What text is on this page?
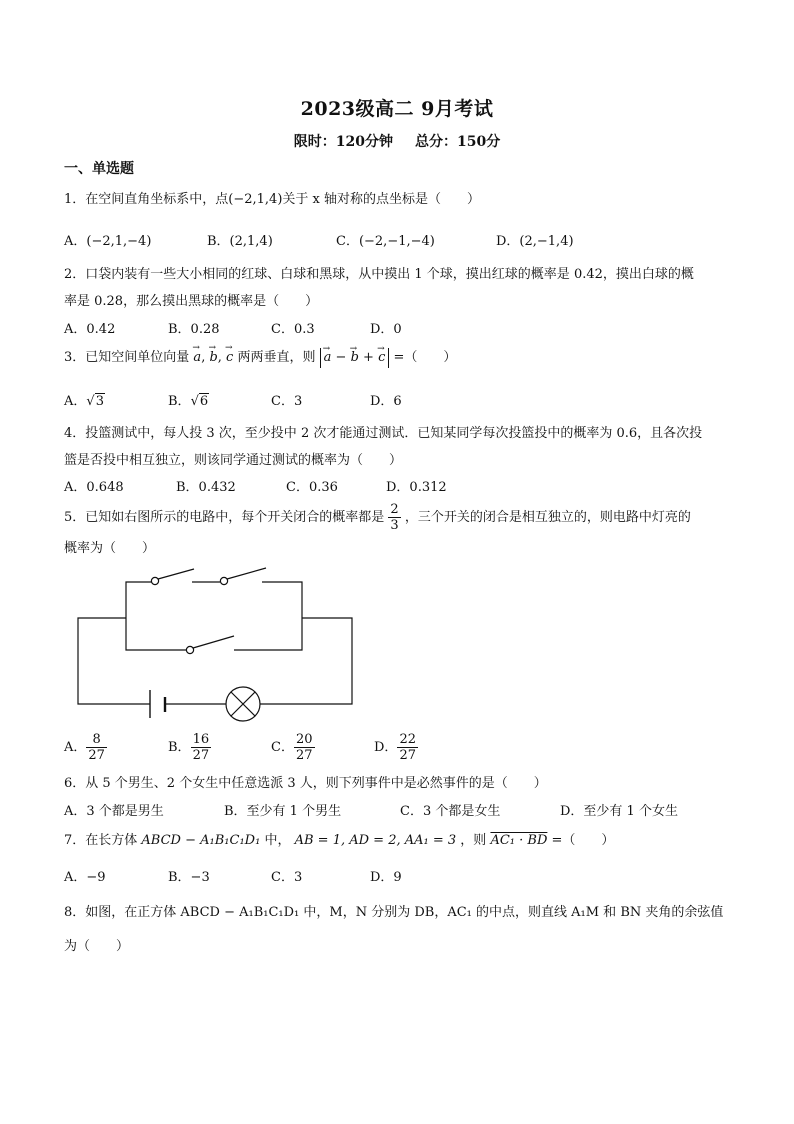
2023级高二 9月考试
限时：120分钟 总分：150分
一、单选题
1．在空间直角坐标系中，点(−2,1,4)关于 x 轴对称的点坐标是（　　）
A．(−2,1,−4)	B．(2,1,4)	C．(−2,−1,−4)	D．(2,−1,4)
2．口袋内装有一些大小相同的红球、白球和黑球，从中摸出 1 个球，摸出红球的概率是 0.42，摸出白球的概
率是 0.28，那么摸出黑球的概率是（　　）
A．0.42	B．0.28	C．0.3	D．0
3．已知空间单位向量 → a, → b, → c 两两垂直，则 → a − → b + → c =（　　）
A．√3	B．√6	C．3	D．6
4．投篮测试中，每人投 3 次，至少投中 2 次才能通过测试．已知某同学每次投篮投中的概率为 0.6，且各次投
篮是否投中相互独立，则该同学通过测试的概率为（　　）
A．0.648	B．0.432	C．0.36	D．0.312
5．已知如右图所示的电路中，每个开关闭合的概率都是 $\frac{2}{3}$ ，三个开关的闭合是相互独立的，则电路中灯亮的
概率为（　　）
A． $\frac{8}{27}$	B． $\frac{16}{27}$	C． $\frac{20}{27}$	D． $\frac{22}{27}$
6．从 5 个男生、2 个女生中任意选派 3 人，则下列事件中是必然事件的是（　　）
A．3 个都是男生	B．至少有 1 个男生	C．3 个都是女生	D．至少有 1 个女生
7．在长方体 ABCD − A₁B₁C₁D₁ 中， AB = 1, AD = 2, AA₁ = 3 ，则 AC₁ · BD =（　　）
A．−9	B．−3	C．3	D．9
8．如图，在正方体 ABCD − A₁B₁C₁D₁ 中，M，N 分别为 DB，AC₁ 的中点，则直线 A₁M 和 BN 夹角的余弦值
为（　　）
